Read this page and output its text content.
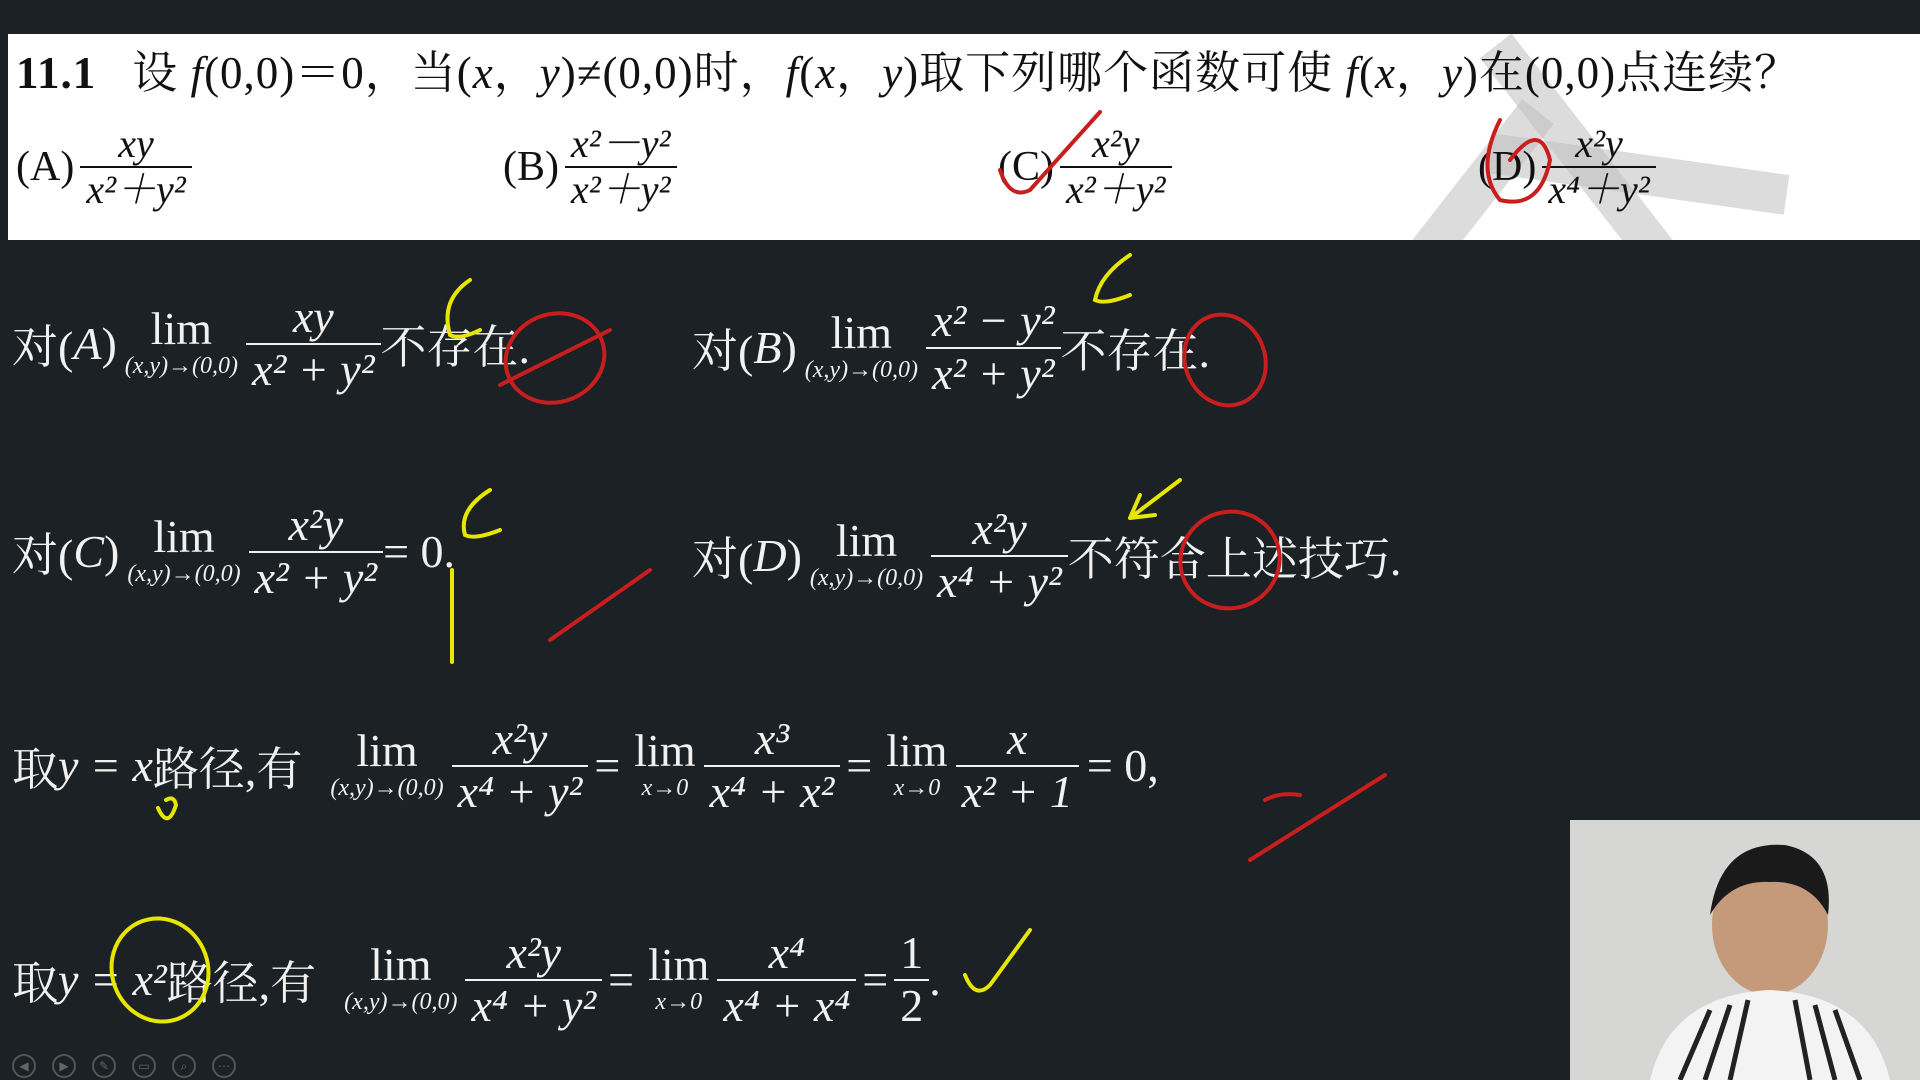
11.1 设 f(0,0)＝0，当(x，y)≠(0,0)时，f(x，y)取下列哪个函数可使 f(x，y)在(0,0)点连续？
$(A) \frac{xy}{\text{x²＋y²}}$	$(B) \frac{\text{x²－y²}}{\text{x²＋y²}}$	$(C) \frac{\text{x²y}}{\text{x²＋y²}}$	$(D) \frac{\text{x²y}}{\text{x⁴＋y²}}$
对( A ) lim
$(x,y)\to(0,0) \frac{xy}{\text{x² + y²}}$ 不存在.	对( B ) lim
$(x,y)\to(0,0) \frac{\text{x² − y²}}{\text{x² + y²}}$ 不存在.
对( C ) lim
$(x,y)\to(0,0) \frac{\text{x²y}}{\text{x² + y²}} = 0$.	对( D ) lim
$(x,y)\to(0,0) \frac{\text{x²y}}{\text{x⁴ + y²}}$ 不符合上述技巧.
取 y = x 路径,有 lim
$(x,y)\to(0,0) \frac{\text{x²y}}{\text{x⁴ + y²}} = \lim$
$x\to 0 \frac{\text{x³}}{\text{x⁴ + x²}} = \lim$
$x\to 0 \frac{x}{\text{x² + 1}} = 0$,
取 y = x² 路径,有 lim
$(x,y)\to(0,0) \frac{\text{x²y}}{\text{x⁴ + y²}} = \lim$
$x\to 0 \frac{\text{x⁴}}{\text{x⁴ + x⁴}} = \frac{1}{2}$ .
◀	▶	✎	▭	⌕	⋯
